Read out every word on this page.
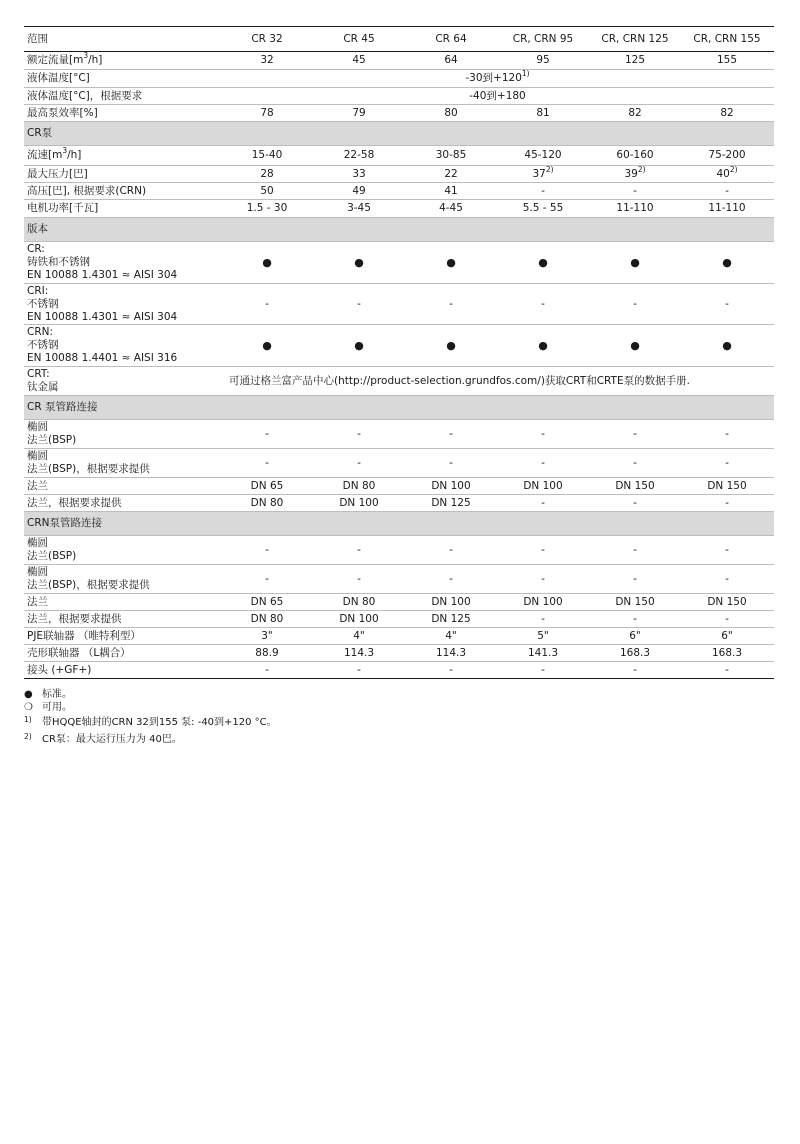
范围	CR 32	CR 45	CR 64	CR, CRN 95	CR, CRN 125	CR, CRN 155
额定流量$[m^3/h]$	32	45	64	95	125	155
液体温度[°C]	-30到$+120^{1)}$
液体温度[°C]，根据要求	-40到+180
最高泵效率[%]	78	79	80	81	82	82
CR泵
流速$[m^3/h]$	15-40	22-58	30-85	45-120	60-160	75-200
最大压力[巴]	28	33	22	37$^{2)}$	39$^{2)}$	40$^{2)}$
高压[巴], 根据要求(CRN)	50	49	41	-	-	-
电机功率[千瓦]	1.5 - 30	3-45	4-45	5.5 - 55	11-110	11-110
版本
CR:
铸铁和不锈钢
EN 10088 1.4301 ≈ AISI 304
●	●	●	●	●	●
CRI:
不锈钢
EN 10088 1.4301 ≈ AISI 304
-	-	-	-	-	-
CRN:
不锈钢
EN 10088 1.4401 ≈ AISI 316
●	●	●	●	●	●
CRT:
钛金属
可通过格兰富产品中心(http://product-selection.grundfos.com/)获取CRT和CRTE泵的数据手册.
CR 泵管路连接
椭圆
法兰(BSP)
-	-	-	-	-	-
椭圆
法兰(BSP)，根据要求提供
-	-	-	-	-	-
法兰	DN 65	DN 80	DN 100	DN 100	DN 150	DN 150
法兰，根据要求提供	DN 80	DN 100	DN 125	-	-	-
CRN泵管路连接
椭圆
法兰(BSP)
-	-	-	-	-	-
椭圆
法兰(BSP)，根据要求提供
-	-	-	-	-	-
法兰	DN 65	DN 80	DN 100	DN 100	DN 150	DN 150
法兰，根据要求提供	DN 80	DN 100	DN 125	-	-	-
PJE联轴器 （唯特利型）	3"	4"	4"	5"	6"	6"
壳形联轴器 （L耦合）	88.9	114.3	114.3	141.3	168.3	168.3
接头 (+GF+)	-	-	-	-	-	-
● 标准。
❍ 可用。
1)	带HQQE轴封的CRN 32到155 泵: -40到+120 °C。
2)	CR泵：最大运行压力为 40巴。
